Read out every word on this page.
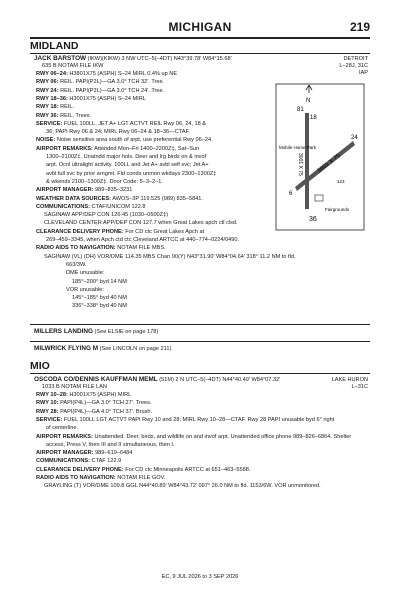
MICHIGAN	219
MIDLAND
JACK BARSTOW (IKW)(KIKW) 3 NW UTC–5(–4DT) N43°39.78′ W84°15.68′	DETROIT
635 B NOTAM FILE IKW	L–28J, 31C
IAP
RWY 06–24: H3801X75 (ASPH) S–24 MIRL 0.4% up NE
RWY 06: REIL. PAPI(P2L)—GA 3.0° TCH 32′. Tree.
RWY 24: REIL. PAPI(P2L)—GA 3.0° TCH 24′. Tree.
RWY 18–36: H3001X75 (ASPH) S–24 MIRL
RWY 18: REIL.
RWY 36: REIL. Trees.
SERVICE: FUEL 100LL, JET A+ LGT ACTVT REIL Rwy 06, 24, 18 &
36; PAPI Rwy 06 & 24; MIRL Rwy 06–24 & 18–36—CTAF.
NOISE: Noise sensitive area south of arpt, use preferential Rwy 06–24.
AIRPORT REMARKS: Attended Mon–Fri 1400–2200Z‡, Sat–Sun
1300–2100Z‡. Unatndd major hols. Deer and lrg birds on & invof
arpt. Ocnl ultralight activity. 100LL and Jet A+ avbl self svc; Jet A+
avbl full svc by prior arngmt. Fld conds unmon wkdays 2300–1300Z‡
& wkends 2100–1300Z‡. Door Code: 5–3–2–1.
AIRPORT MANAGER: 989–835–3231
WEATHER DATA SOURCES: AWOS–3P 119.525 (989) 835–5841.
COMMUNICATIONS: CTAF/UNICOM 122.8
SAGINAW APP/DEP CON 126.45 (1030–0500Z‡)
CLEVELAND CENTER APP/DEP CON 127.7 when Great Lakes apch ctl clsd.
CLEARANCE DELIVERY PHONE: For CD ctc Great Lakes Apch at
269–459–3345, when Apch ctd ctc Cleveland ARTCC at 440–774–0224/0490.
RADIO AIDS TO NAVIGATION: NOTAM FILE MBS.
SAGINAW (VL) (DH) VOR/DME 114.35 MBS Chan 90(Y) N43°31.90′ W84°04.64′ 318° 11.2 NM to fld.
663/3W.
DME unusable:
185°–200° byd 14 NM
VOR unusable:
145°–185° byd 40 NM
336°–338° byd 40 NM
N
81
3801 X 75
3001 X 75
18
36
6
24
Mobile Home Park
Fairgrounds
123
MILLERS LANDING (See ELSIE on page 178)
MILWRICK FLYING M (See LINCOLN on page 211)
MIO
OSCODA CO/DENNIS KAUFFMAN MEML (51M) 2 N UTC–5(–4DT) N44°40.49′ W84°07.32′	LAKE HURON
1033 B NOTAM FILE LAN	L–31C
RWY 10–28: H3001X75 (ASPH) MIRL
RWY 10: PAPI(P4L)—GA 3.0° TCH 27′. Trees.
RWY 28: PAPI(P4L)—GA 4.0° TCH 37′. Brush.
SERVICE: FUEL 100LL LGT ACTVT PAPI Rwy 10 and 28; MIRL Rwy 10–28—CTAF. Rwy 28 PAPI unusable byd 6° right
of centerline.
AIRPORT REMARKS: Unattended. Deer, birds, and wildlife on and invof arpt. Unattended office phone 989–826–6864. Shelter
access, Press V, then III and II simultaneous, then I.
AIRPORT MANAGER: 989–619–6484
COMMUNICATIONS: CTAF 122.9
CLEARANCE DELIVERY PHONE: For CD ctc Minneapolis ARTCC at 651–463–5588.
RADIO AIDS TO NAVIGATION: NOTAM FILE GOV.
GRAYLING (T) VOR/DME 109.8 GGL N44°40.89′ W84°43.72′ 097° 26.0 NM to fld. 1153/6W. VOR unmonitored.
EC, 9 JUL 2026 to 3 SEP 2026
